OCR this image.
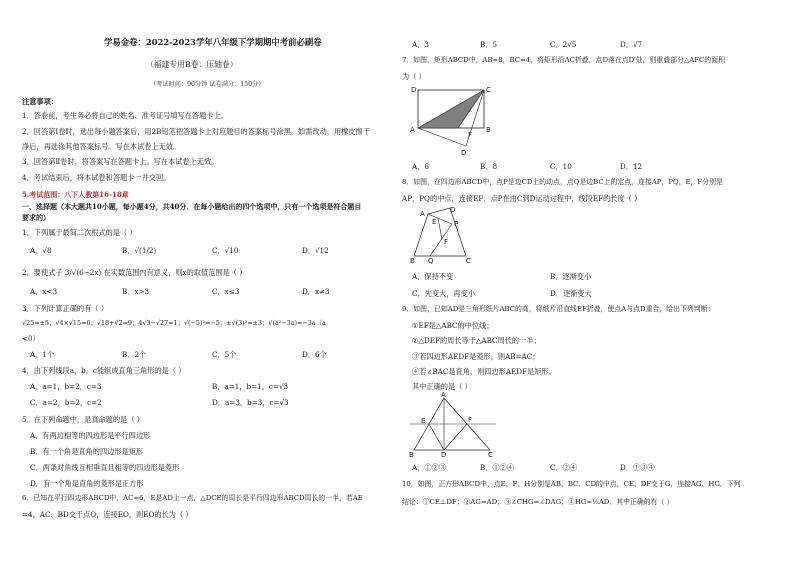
学易金卷：2022-2023学年八年级下学期期中考前必刷卷
（福建专用B卷：压轴卷）
（考试时间：90分钟 试卷满分：150分）
注意事项：
1．答卷前，考生务必将自己的姓名、准考证号填写在答题卡上。
2．回答第Ⅰ卷时，选出每小题答案后，用2B铅笔把答题卡上对应题目的答案标号涂黑。如需改动，用橡皮擦干
净后，再选涂其他答案标号。写在本试卷上无效。
3．回答第Ⅱ卷时，将答案写在答题卡上。写在本试卷上无效。
4．考试结束后，将本试卷和答题卡一并交回。
5.考试范围：八下人教第16-18章
一、选择题（本大题共10小题，每小题4分，共40分．在每小题给出的四个选项中，只有一个选项是符合题目
要求的）
1．下列属于最简二次根式的是（ ）
A．√8	B．√(1/2)	C．√10	D．√12
2．要使式子 3/√(6−2x) 在实数范围内有意义，则x的取值范围是（ ）
A．x<3	B．x>3	C．x≤3	D．x≠3
3．下列计算正确的有（ ）
√25=±5；√4×√15=6；√18+√2=9；4√3−√27=1；√(−5)²=−5；±√(3)²=±3；√(a²−3a)=−3a（a
<0）
A．1个	B．2个	C．5个	D．6个
4．由下列线段a，b，c能组成直角三角形的是（ ）
A．a=1，b=2，c=3	B．a=1，b=1，c=√3
C．a=2，b=2，c=2	D．a=3，b=3，c=√3
5．在下列命题中，是真命题的是（ ）
A．有两边相等的四边形是平行四边形
B．有一个角是直角的四边形是矩形
C．两条对角线互相垂直且相等的四边形是菱形
D．有一个角是直角的菱形是正方形
6．已知在平行四边形ABCD中，AC=6，E是AD上一点，△DCE的周长是平行四边形ABCD周长的一半，若AE
=4，AC、BD交于点O，连接EO，则EO的长为（ ）
A．3	B．5	C．2√5	D．√7
7．如图，矩形ABCD中，AB=8，BC=4，将矩形沿AC折叠，点D落在点D′处，则重叠部分△AFC的面积
为（ ）
D	C
A	B
F
D′
A．6	B．8	C．10	D．12
8．如图，在四边形ABCD中，点P是边CD上的动点，点Q是边BC上的定点，连接AP，PQ，E，F分别是
AP，PQ的中点，连接EF．点P在由C到D运动过程中，线段EF的长度（ ）
D
A
E	P
F
B Q	C
A．保持不变	B．逐渐变小
C．先变大，再变小	D．逐渐变大
9．如图，已知AD是三角形纸片ABC的高，将纸片沿直线EF折叠，使点A与点D重合，给出下列判断：
①EF是△ABC的中位线；
②△DEF的周长等于△ABC周长的一半；
③若四边形AEDF是菱形，则AB=AC；
④若∠BAC是直角，则四边形AEDF是矩形。
其中正确的是（ ）
A
E	F
B	D	C
A．①②③	B．①②④	C．②④	D．①③④
10．如图，正方形ABCD中，点E、F、H分别是AB、BC、CD的中点，CE、DF交于G，连接AG、HG．下列
结论：①CE⊥DF；②AG=AD；③∠CHG=∠DAG；④HG=½AD．其中正确的有（ ）
